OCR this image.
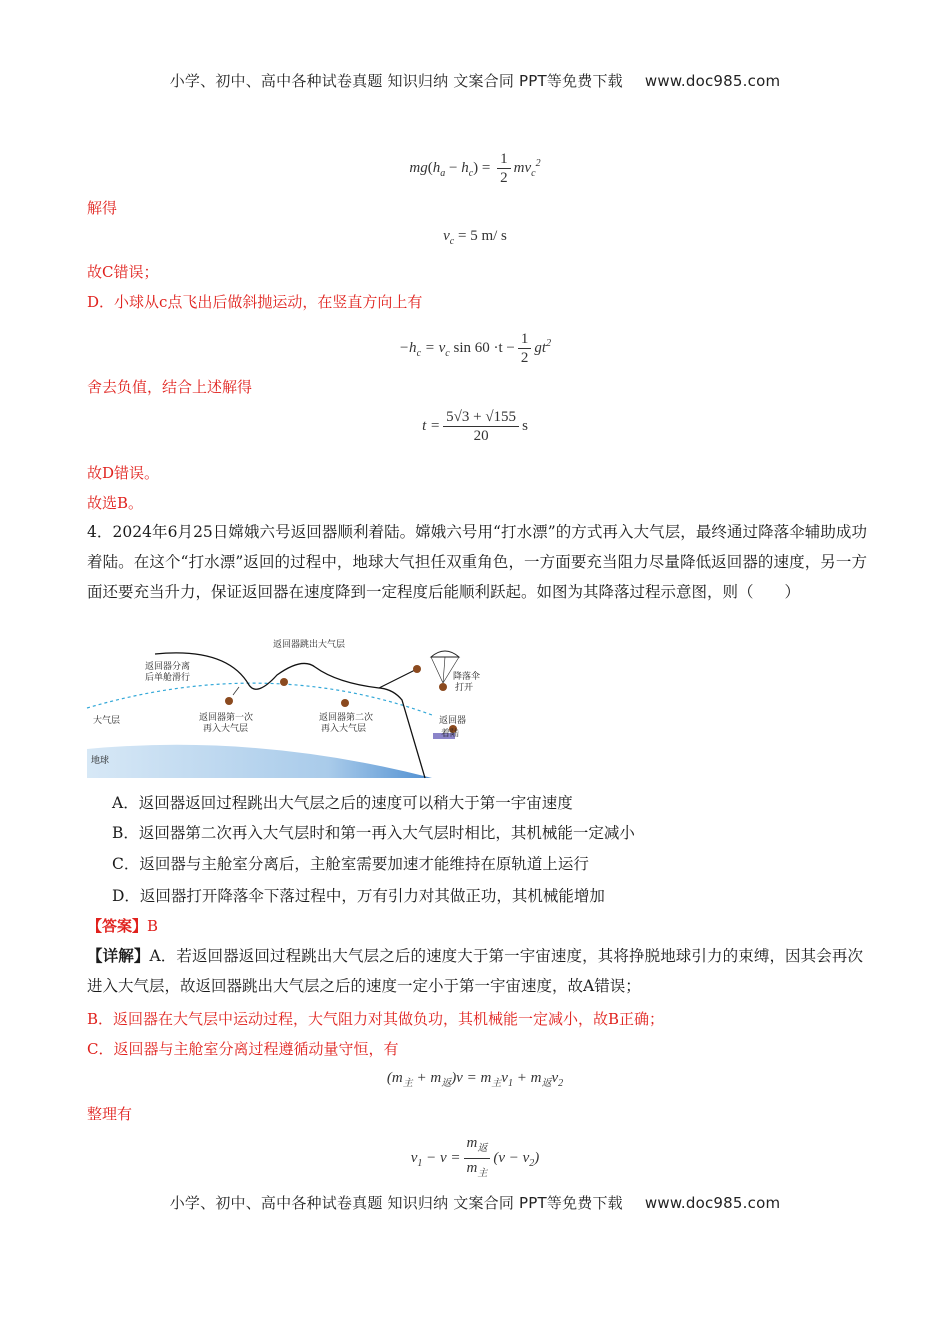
小学、初中、高中各种试卷真题 知识归纳 文案合同 PPT等免费下载 www.doc985.com
$mg(h_a - h_c) = \frac{1}{2} mv_c^2$
解得
$v_c = 5$ m/ s
故C错误；
D．小球从c点飞出后做斜抛运动，在竖直方向上有
$-h_c = v_c$ $\sin 60 \cdot t - \frac{1}{2} gt^2$
舍去负值，结合上述解得
$t = \frac{5√3 + √155}{20}$ s
故D错误。
故选B。
4．2024年6月25日嫦娥六号返回器顺利着陆。嫦娥六号用“打水漂”的方式再入大气层，最终通过降落伞辅助成功着陆。在这个“打水漂”返回的过程中，地球大气担任双重角色，一方面要充当阻力尽量降低返回器的速度，另一方面还要充当升力，保证返回器在速度降到一定程度后能顺利跃起。如图为其降落过程示意图，则（　　）
返回器跳出大气层
返回器分离
后单舱滑行
返回器第一次
再入大气层
返回器第二次
再入大气层
降落伞
打开
返回器
着陆
大气层
地球
A．返回器返回过程跳出大气层之后的速度可以稍大于第一宇宙速度
B．返回器第二次再入大气层时和第一再入大气层时相比，其机械能一定减小
C．返回器与主舱室分离后，主舱室需要加速才能维持在原轨道上运行
D．返回器打开降落伞下落过程中，万有引力对其做正功，其机械能增加
【答案】B
【详解】A．若返回器返回过程跳出大气层之后的速度大于第一宇宙速度，其将挣脱地球引力的束缚，因其会再次进入大气层，故返回器跳出大气层之后的速度一定小于第一宇宙速度，故A错误；
B．返回器在大气层中运动过程，大气阻力对其做负功，其机械能一定减小，故B正确；
C．返回器与主舱室分离过程遵循动量守恒，有
$(m_主 + m_返)v = m_主v_1 + m_返v_2$
整理有
$v_1 - v = \frac{m_返}{m_主} (v - v_2)$
小学、初中、高中各种试卷真题 知识归纳 文案合同 PPT等免费下载 www.doc985.com
